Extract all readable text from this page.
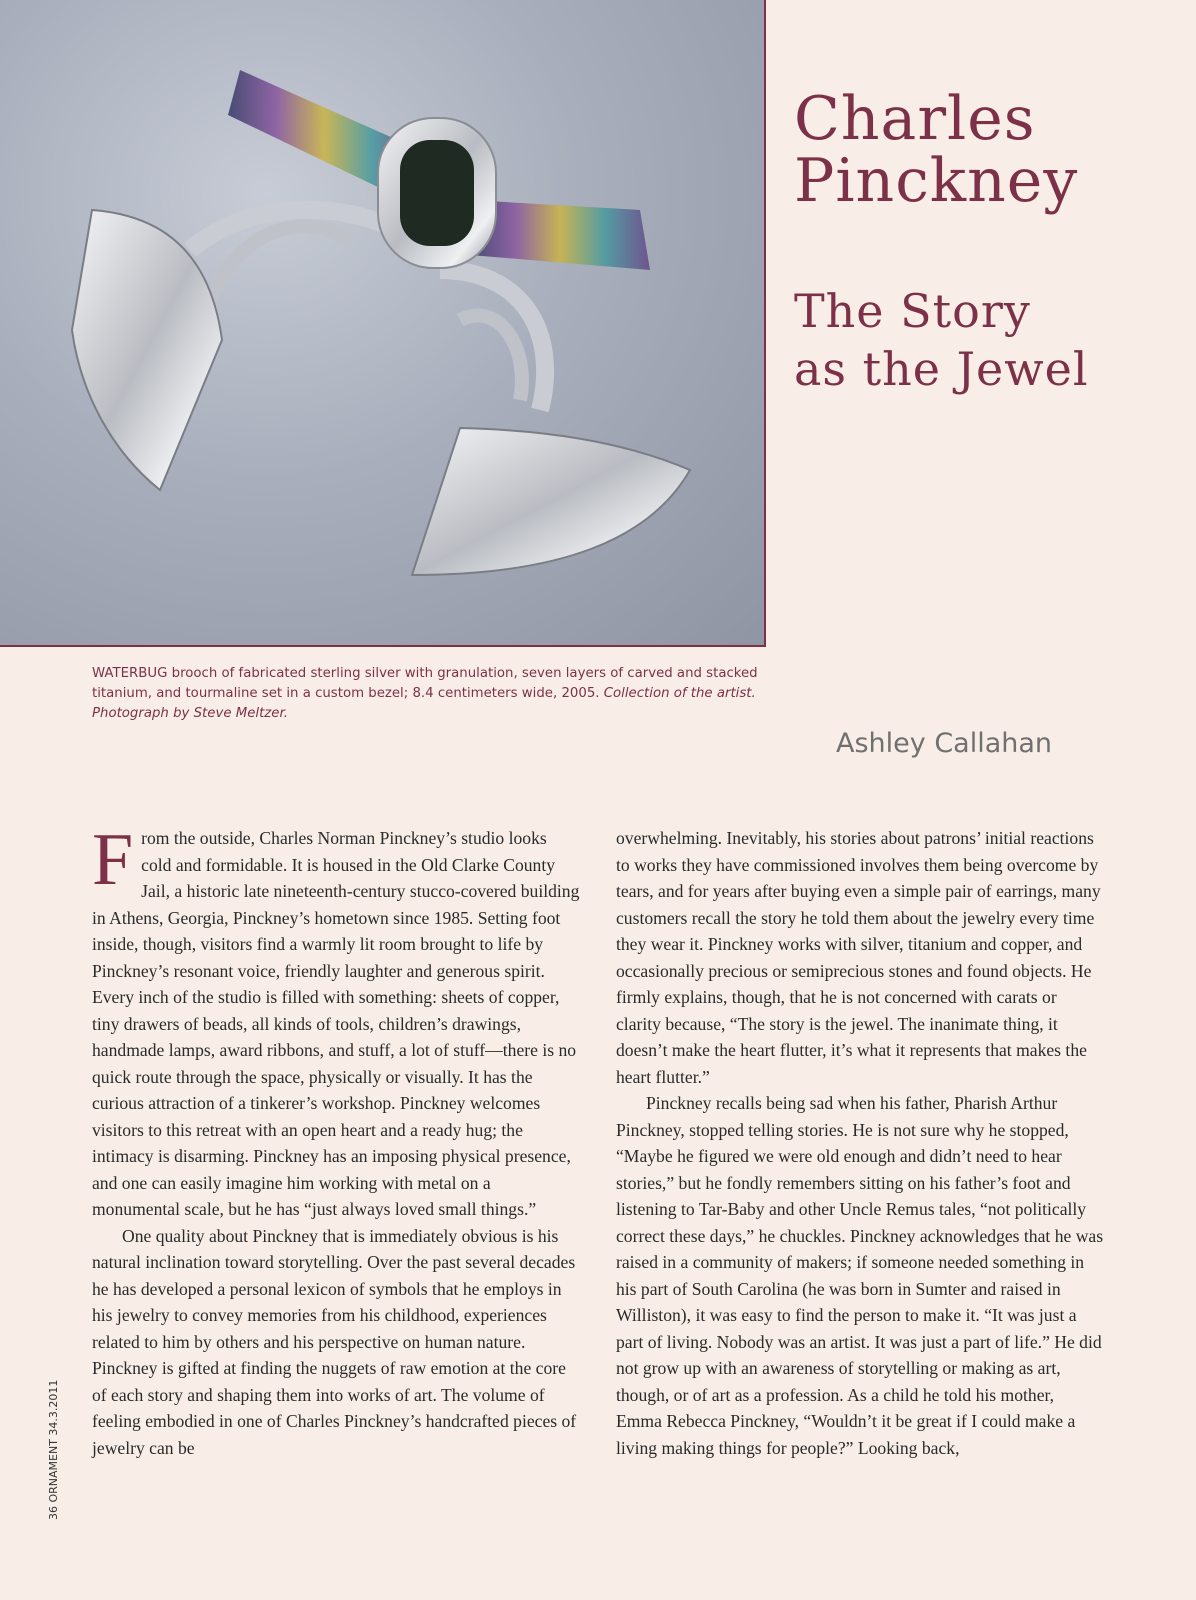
WATERBUG brooch of fabricated sterling silver with granulation, seven layers of carved and stacked titanium, and tourmaline set in a custom bezel; 8.4 centimeters wide, 2005. Collection of the artist. Photograph by Steve Meltzer.
Charles
Pinckney
The Story
as the Jewel
Ashley Callahan

From the outside, Charles Norman Pinckney’s studio looks cold and formidable. It is housed in the Old Clarke County Jail, a historic late nineteenth-century stucco-covered building in Athens, Georgia, Pinckney’s hometown since 1985. Setting foot inside, though, visitors find a warmly lit room brought to life by Pinckney’s resonant voice, friendly laughter and generous spirit. Every inch of the studio is filled with something: sheets of copper, tiny drawers of beads, all kinds of tools, children’s drawings, handmade lamps, award ribbons, and stuff, a lot of stuff—there is no quick route through the space, physically or visually. It has the curious attraction of a tinkerer’s workshop. Pinckney welcomes visitors to this retreat with an open heart and a ready hug; the intimacy is disarming. Pinckney has an imposing physical presence, and one can easily imagine him working with metal on a monumental scale, but he has “just always loved small things.”

One quality about Pinckney that is immediately obvious is his natural inclination toward storytelling. Over the past several decades he has developed a personal lexicon of symbols that he employs in his jewelry to convey memories from his childhood, experiences related to him by others and his perspective on human nature. Pinckney is gifted at finding the nuggets of raw emotion at the core of each story and shaping them into works of art. The volume of feeling embodied in one of Charles Pinckney’s handcrafted pieces of jewelry can be

overwhelming. Inevitably, his stories about patrons’ initial reactions to works they have commissioned involves them being overcome by tears, and for years after buying even a simple pair of earrings, many customers recall the story he told them about the jewelry every time they wear it. Pinckney works with silver, titanium and copper, and occasionally precious or semiprecious stones and found objects. He firmly explains, though, that he is not concerned with carats or clarity because, “The story is the jewel. The inanimate thing, it doesn’t make the heart flutter, it’s what it represents that makes the heart flutter.”

Pinckney recalls being sad when his father, Pharish Arthur Pinckney, stopped telling stories. He is not sure why he stopped, “Maybe he figured we were old enough and didn’t need to hear stories,” but he fondly remembers sitting on his father’s foot and listening to Tar-Baby and other Uncle Remus tales, “not politically correct these days,” he chuckles. Pinckney acknowledges that he was raised in a community of makers; if someone needed something in his part of South Carolina (he was born in Sumter and raised in Williston), it was easy to find the person to make it. “It was just a part of living. Nobody was an artist. It was just a part of life.” He did not grow up with an awareness of storytelling or making as art, though, or of art as a profession. As a child he told his mother, Emma Rebecca Pinckney, “Wouldn’t it be great if I could make a living making things for people?” Looking back,

36 ORNAMENT 34.3.2011
